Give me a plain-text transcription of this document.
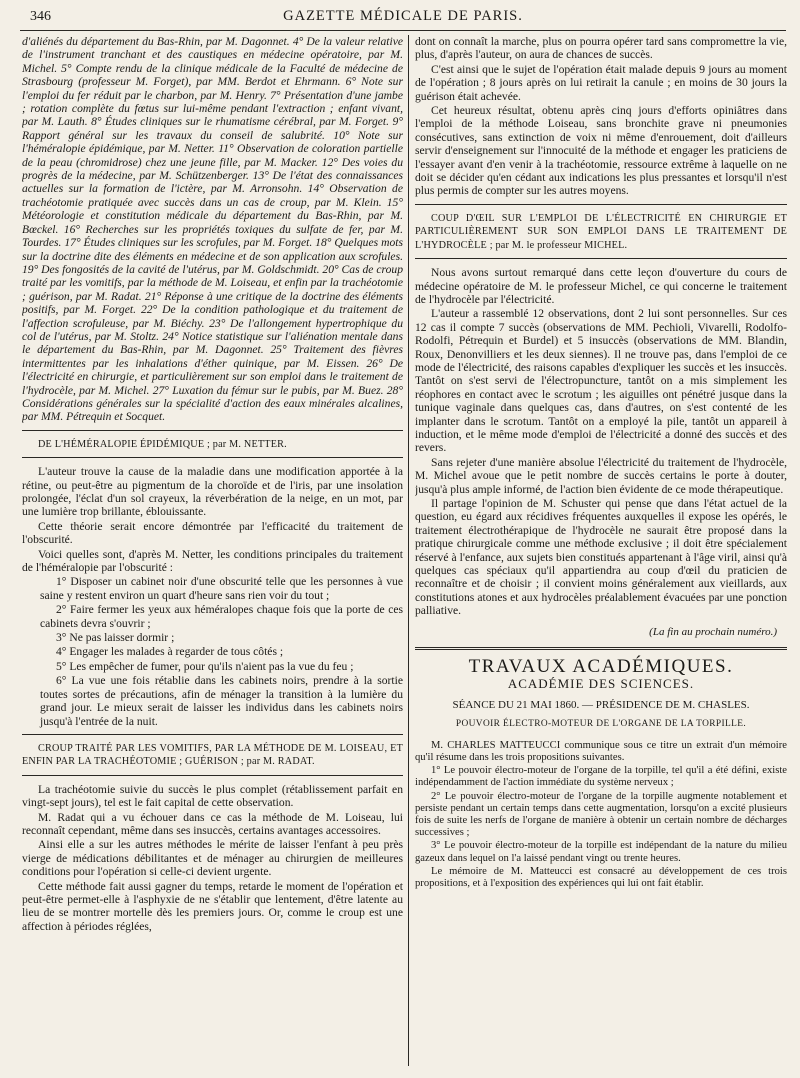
346	GAZETTE MÉDICALE DE PARIS.

d'aliénés du département du Bas-Rhin, par M. Dagonnet. 4° De la valeur relative de l'instrument tranchant et des caustiques en médecine opératoire, par M. Michel. 5° Compte rendu de la clinique médicale de la Faculté de médecine de Strasbourg (professeur M. Forget), par MM. Berdot et Ehrmann. 6° Note sur l'emploi du fer réduit par le charbon, par M. Henry. 7° Présentation d'une jambe ; rotation complète du fœtus sur lui-même pendant l'extraction ; enfant vivant, par M. Lauth. 8° Études cliniques sur le rhumatisme cérébral, par M. Forget. 9° Rapport général sur les travaux du conseil de salubrité. 10° Note sur l'héméralopie épidémique, par M. Netter. 11° Observation de coloration partielle de la peau (chromidrose) chez une jeune fille, par M. Macker. 12° Des voies du progrès de la médecine, par M. Schützenberger. 13° De l'état des connaissances actuelles sur la formation de l'ictère, par M. Arronsohn. 14° Observation de trachéotomie pratiquée avec succès dans un cas de croup, par M. Klein. 15° Météorologie et constitution médicale du département du Bas-Rhin, par M. Bœckel. 16° Recherches sur les propriétés toxiques du sulfate de fer, par M. Tourdes. 17° Études cliniques sur les scrofules, par M. Forget. 18° Quelques mots sur la doctrine dite des éléments en médecine et de son application aux scrofules. 19° Des fongosités de la cavité de l'utérus, par M. Goldschmidt. 20° Cas de croup traité par les vomitifs, par la méthode de M. Loiseau, et enfin par la trachéotomie ; guérison, par M. Radat. 21° Réponse à une critique de la doctrine des éléments positifs, par M. Forget. 22° De la condition pathologique et du traitement de l'affection scrofuleuse, par M. Biéchy. 23° De l'allongement hypertrophique du col de l'utérus, par M. Stoltz. 24° Notice statistique sur l'aliénation mentale dans le département du Bas-Rhin, par M. Dagonnet. 25° Traitement des fièvres intermittentes par les inhalations d'éther quinique, par M. Eissen. 26° De l'électricité en chirurgie, et particulièrement sur son emploi dans le traitement de l'hydrocèle, par M. Michel. 27° Luxation du fémur sur le pubis, par M. Buez. 28° Considérations générales sur la spécialité d'action des eaux minérales alcalines, par MM. Pétrequin et Socquet.

DE L'HÉMÉRALOPIE ÉPIDÉMIQUE ; par M. NETTER.

L'auteur trouve la cause de la maladie dans une modification apportée à la rétine, ou peut-être au pigmentum de la choroïde et de l'iris, par une insolation prolongée, l'éclat d'un sol crayeux, la réverbération de la neige, en un mot, par une lumière trop brillante, éblouissante.

Cette théorie serait encore démontrée par l'efficacité du traitement de l'obscurité.

Voici quelles sont, d'après M. Netter, les conditions principales du traitement de l'héméralopie par l'obscurité :

1° Disposer un cabinet noir d'une obscurité telle que les personnes à vue saine y restent environ un quart d'heure sans rien voir du tout ;

2° Faire fermer les yeux aux héméralopes chaque fois que la porte de ces cabinets devra s'ouvrir ;

3° Ne pas laisser dormir ;

4° Engager les malades à regarder de tous côtés ;

5° Les empêcher de fumer, pour qu'ils n'aient pas la vue du feu ;

6° La vue une fois rétablie dans les cabinets noirs, prendre à la sortie toutes sortes de précautions, afin de ménager la transition à la lumière du grand jour. Le mieux serait de laisser les individus dans les cabinets noirs jusqu'à l'entrée de la nuit.

CROUP TRAITÉ PAR LES VOMITIFS, PAR LA MÉTHODE DE M. LOISEAU, ET ENFIN PAR LA TRACHÉOTOMIE ; GUÉRISON ; par M. RADAT.

La trachéotomie suivie du succès le plus complet (rétablissement parfait en vingt-sept jours), tel est le fait capital de cette observation.

M. Radat qui a vu échouer dans ce cas la méthode de M. Loiseau, lui reconnaît cependant, même dans ses insuccès, certains avantages accessoires.

Ainsi elle a sur les autres méthodes le mérite de laisser l'enfant à peu près vierge de médications débilitantes et de ménager au chirurgien de meilleures conditions pour l'opération si celle-ci devient urgente.

Cette méthode fait aussi gagner du temps, retarde le moment de l'opération et peut-être permet-elle à l'asphyxie de ne s'établir que lentement, d'être latente au lieu de se montrer mortelle dès les premiers jours. Or, comme le croup est une affection à périodes réglées,

dont on connaît la marche, plus on pourra opérer tard sans compromettre la vie, plus, d'après l'auteur, on aura de chances de succès.

C'est ainsi que le sujet de l'opération était malade depuis 9 jours au moment de l'opération ; 8 jours après on lui retirait la canule ; en moins de 30 jours la guérison était achevée.

Cet heureux résultat, obtenu après cinq jours d'efforts opiniâtres dans l'emploi de la méthode Loiseau, sans bronchite grave ni pneumonies consécutives, sans extinction de voix ni même d'enrouement, doit d'ailleurs servir d'enseignement sur l'innocuité de la méthode et engager les praticiens de l'essayer avant d'en venir à la trachéotomie, ressource extrême à laquelle on ne doit se décider qu'en cédant aux indications les plus pressantes et lorsqu'il n'est plus permis de compter sur les autres moyens.

COUP D'ŒIL SUR L'EMPLOI DE L'ÉLECTRICITÉ EN CHIRURGIE ET PARTICULIÈREMENT SUR SON EMPLOI DANS LE TRAITEMENT DE L'HYDROCÈLE ; par M. le professeur MICHEL.

Nous avons surtout remarqué dans cette leçon d'ouverture du cours de médecine opératoire de M. le professeur Michel, ce qui concerne le traitement de l'hydrocèle par l'électricité.

L'auteur a rassemblé 12 observations, dont 2 lui sont personnelles. Sur ces 12 cas il compte 7 succès (observations de MM. Pechioli, Vivarelli, Rodolfo-Rodolfi, Pétrequin et Burdel) et 5 insuccès (observations de MM. Blandin, Roux, Denonvilliers et les deux siennes). Il ne trouve pas, dans l'emploi de ce mode de l'électricité, des raisons capables d'expliquer les succès et les insuccès. Tantôt on s'est servi de l'électropuncture, tantôt on a mis simplement les réophores en contact avec le scrotum ; les aiguilles ont pénétré jusque dans la tunique vaginale dans quelques cas, dans d'autres, on s'est contenté de les implanter dans le scrotum. Tantôt on a employé la pile, tantôt un appareil à induction, et le même mode d'emploi de l'électricité a donné des succès et des revers.

Sans rejeter d'une manière absolue l'électricité du traitement de l'hydrocèle, M. Michel avoue que le petit nombre de succès certains le porte à douter, jusqu'à plus ample informé, de l'action bien évidente de ce mode thérapeutique.

Il partage l'opinion de M. Schuster qui pense que dans l'état actuel de la question, eu égard aux récidives fréquentes auxquelles il expose les opérés, le traitement électrothérapique de l'hydrocèle ne saurait être proposé dans la pratique chirurgicale comme une méthode exclusive ; il doit être spécialement réservé à l'enfance, aux sujets bien constitués appartenant à l'âge viril, ainsi qu'à quelques cas spéciaux qu'il appartiendra au coup d'œil du praticien de reconnaître et de choisir ; il convient moins généralement aux vieillards, aux constitutions atones et aux hydrocèles préalablement évacuées par une ponction palliative.

(La fin au prochain numéro.)
TRAVAUX ACADÉMIQUES.
ACADÉMIE DES SCIENCES.
SÉANCE DU 21 MAI 1860. — PRÉSIDENCE DE M. CHASLES.
POUVOIR ÉLECTRO-MOTEUR DE L'ORGANE DE LA TORPILLE.

M. CHARLES MATTEUCCI communique sous ce titre un extrait d'un mémoire qu'il résume dans les trois propositions suivantes.

1° Le pouvoir électro-moteur de l'organe de la torpille, tel qu'il a été défini, existe indépendamment de l'action immédiate du système nerveux ;

2° Le pouvoir électro-moteur de l'organe de la torpille augmente notablement et persiste pendant un certain temps dans cette augmentation, lorsqu'on a excité plusieurs fois de suite les nerfs de l'organe de manière à obtenir un certain nombre de décharges successives ;

3° Le pouvoir électro-moteur de la torpille est indépendant de la nature du milieu gazeux dans lequel on l'a laissé pendant vingt ou trente heures.

Le mémoire de M. Matteucci est consacré au développement de ces trois propositions, et à l'exposition des expériences qui lui ont fait établir.
